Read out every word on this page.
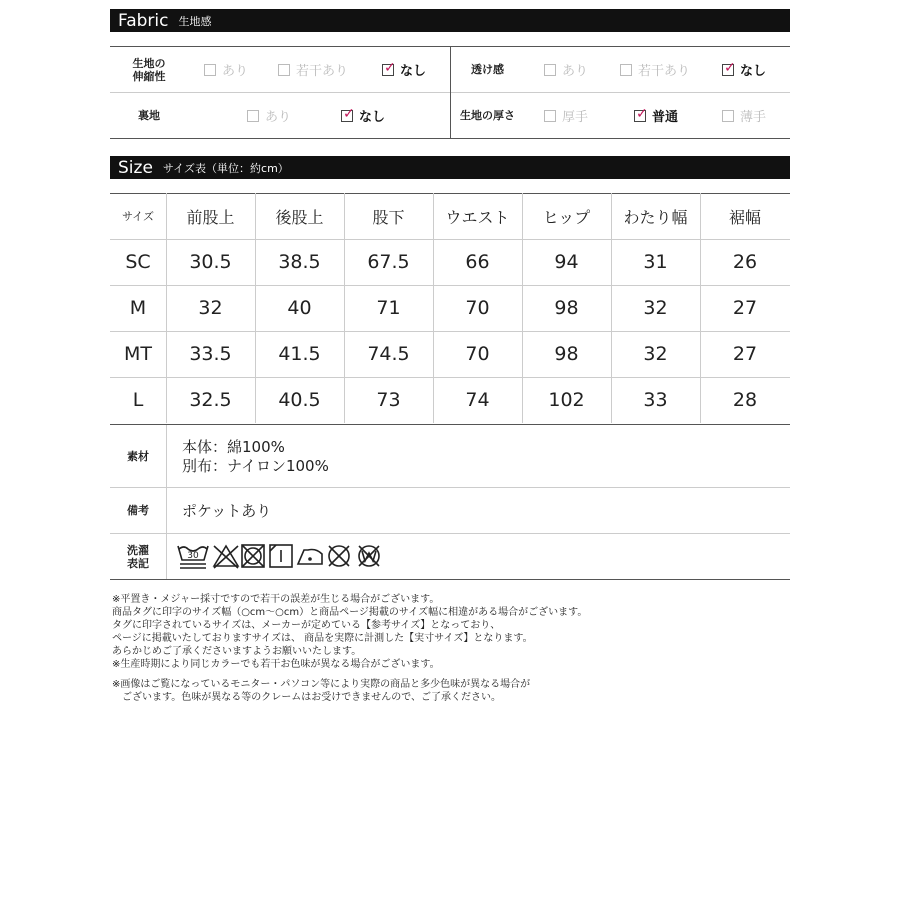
Fabric 生地感
生地の
伸縮性	あり	若干あり	✓ なし	透け感	あり	若干あり ✓ なし
裏地	あり	✓ なし	生地の厚さ	厚手	✓ 普通	薄手
Size サイズ表（単位：約cm）
サイズ 前股上	後股上	股下	ウエスト ヒップ わたり幅	裾幅
SC 30.5 38.5 67.5	66	94	31	26
M	32	40	71	70	98	32	27
MT 33.5 41.5 74.5	70	98	32	27
L 32.5 40.5	73	74	102	33	28
素材 本体：綿100%
別布：ナイロン100%
備考 ポケットあり
洗濯
表記
30
※平置き・メジャー採寸ですので若干の誤差が生じる場合がございます。
商品タグに印字のサイズ幅（○cm〜○cm）と商品ページ掲載のサイズ幅に相違がある場合がございます。
タグに印字されているサイズは、メーカーが定めている【参考サイズ】となっており、
ページに掲載いたしておりますサイズは、 商品を実際に計測した【実寸サイズ】となります。
あらかじめご了承くださいますようお願いいたします。
※生産時期により同じカラーでも若干お色味が異なる場合がございます。
※画像はご覧になっているモニター・パソコン等により実際の商品と多少色味が異なる場合が
　ございます。色味が異なる等のクレームはお受けできませんので、ご了承ください。
